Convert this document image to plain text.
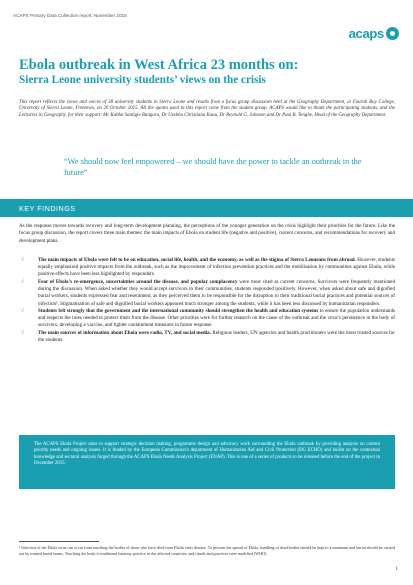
ACAPS Primary Data Collection report: November 2015
acaps
Ebola outbreak in West Africa 23 months on:
Sierra Leone university students’ views on the crisis

This report reflects the views and voices of 38 university students in Sierra Leone and results from a focus group discussion held at the Geography Department, at Fourah Bay College, University of Sierra Leone, Freetown, on 20 October 2015. All the quotes used in this report come from the student group. ACAPS would like to thank the participating students, and the Lecturers in Geography, for their support: Mr Kabba Santigie Bangura, Dr Uzebba Christiana Kanu, Dr Reynold G. Johnson and Dr Paul B. Tengbe, Head of the Geography Department.

“We should now feel empowered – we should have the power to tackle an outbreak in the future”

KEY FINDINGS

As the response moves towards recovery and long-term development planning, the perceptions of the younger generation on the crisis highlight their priorities for the future. Like the focus group discussion, the report covers three main themes: the main impacts of Ebola on student life (negative and positive), current concerns, and recommendations for recovery and development plans.

√	The main impacts of Ebola were felt to be on education, social life, health, and the economy, as well as the stigma of Sierra Leoneans from abroad. However, students equally emphasised positive impacts from the outbreak, such as the improvement of infection prevention practices and the mobilisation by communities against Ebola, while positive effects have been less highlighted by responders.
√	Fear of Ebola’s re-emergence, uncertainties around the disease, and popular complacency were most cited as current concerns. Survivors were frequently mentioned during the discussion. When asked whether they would accept survivors in their communities, students responded positively. However, when asked about safe and dignified burial workers, students expressed fear and resentment, as they perceived them to be responsible for the disruption to their traditional burial practices and potential sources of infection¹. Stigmatisation of safe and dignified burial workers appeared much stronger among the students, while it has been less discussed by humanitarian responders.
√	Students felt strongly that the government and the international community should strengthen the health and education systems to ensure the population understands and respects the rules needed to protect them from the disease. Other priorities were for further research on the cause of the outbreak and the virus’s persistence in the body of survivors, developing a vaccine, and tighter containment measures in future response.
√	The main sources of information about Ebola were radio, TV, and social media. Religious leaders, UN agencies and health practitioners were the most trusted sources for the students.

The ACAPS Ebola Project aims to support strategic decision making, programme design and advocacy work surrounding the Ebola outbreak by providing analysis on current priority needs and ongoing issues. It is funded by the European Commission’s department of Humanitarian Aid and Civil Protection (DG ECHO) and builds on the contextual knowledge and sectoral analysis forged through the ACAPS Ebola Needs Analysis Project (ENAP). This is one of a series of products to be released before the end of the project in December 2015.

¹ Infection of the Ebola virus can occur from touching the bodies of those who have died from Ebola virus disease. To prevent the spread of Ebola, handling of dead bodies should be kept to a minimum and burial should be carried out by trained burial teams. Touching the body is traditional funerary practice in the affected countries, and rituals and practices were modified (WHO).

1
